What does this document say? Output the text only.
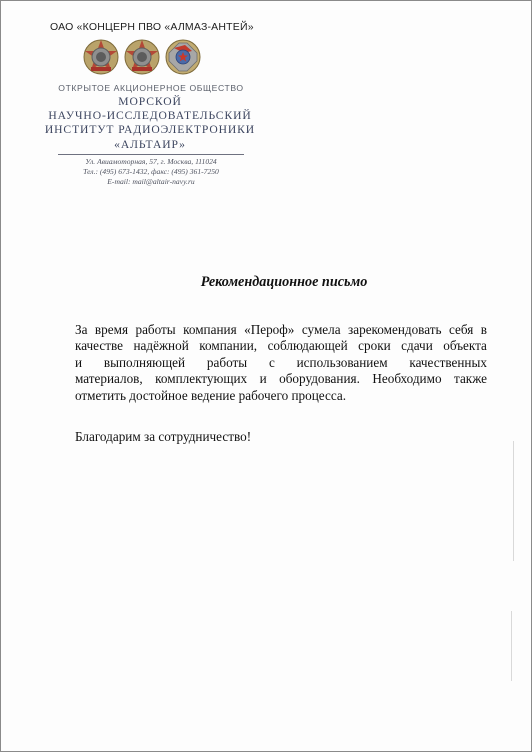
ОАО «КОНЦЕРН ПВО «АЛМАЗ-АНТЕЙ»
ОТКРЫТОЕ АКЦИОНЕРНОЕ ОБЩЕСТВО
МОРСКОЙ
НАУЧНО-ИССЛЕДОВАТЕЛЬСКИЙ
ИНСТИТУТ РАДИОЭЛЕКТРОНИКИ
«АЛЬТАИР»
Ул. Авиамоторная, 57, г. Москва, 111024
Тел.: (495) 673-1432, факс: (495) 361-7250
E-mail: mail@altair-navy.ru
Рекомендационное письмо
За время работы компания «Пероф» сумела зарекомендовать себя в
качестве надёжной компании, соблюдающей сроки сдачи объекта
и выполняющей работы с использованием качественных
материалов, комплектующих и оборудования. Необходимо также
отметить достойное ведение рабочего процесса.
Благодарим за сотрудничество!
